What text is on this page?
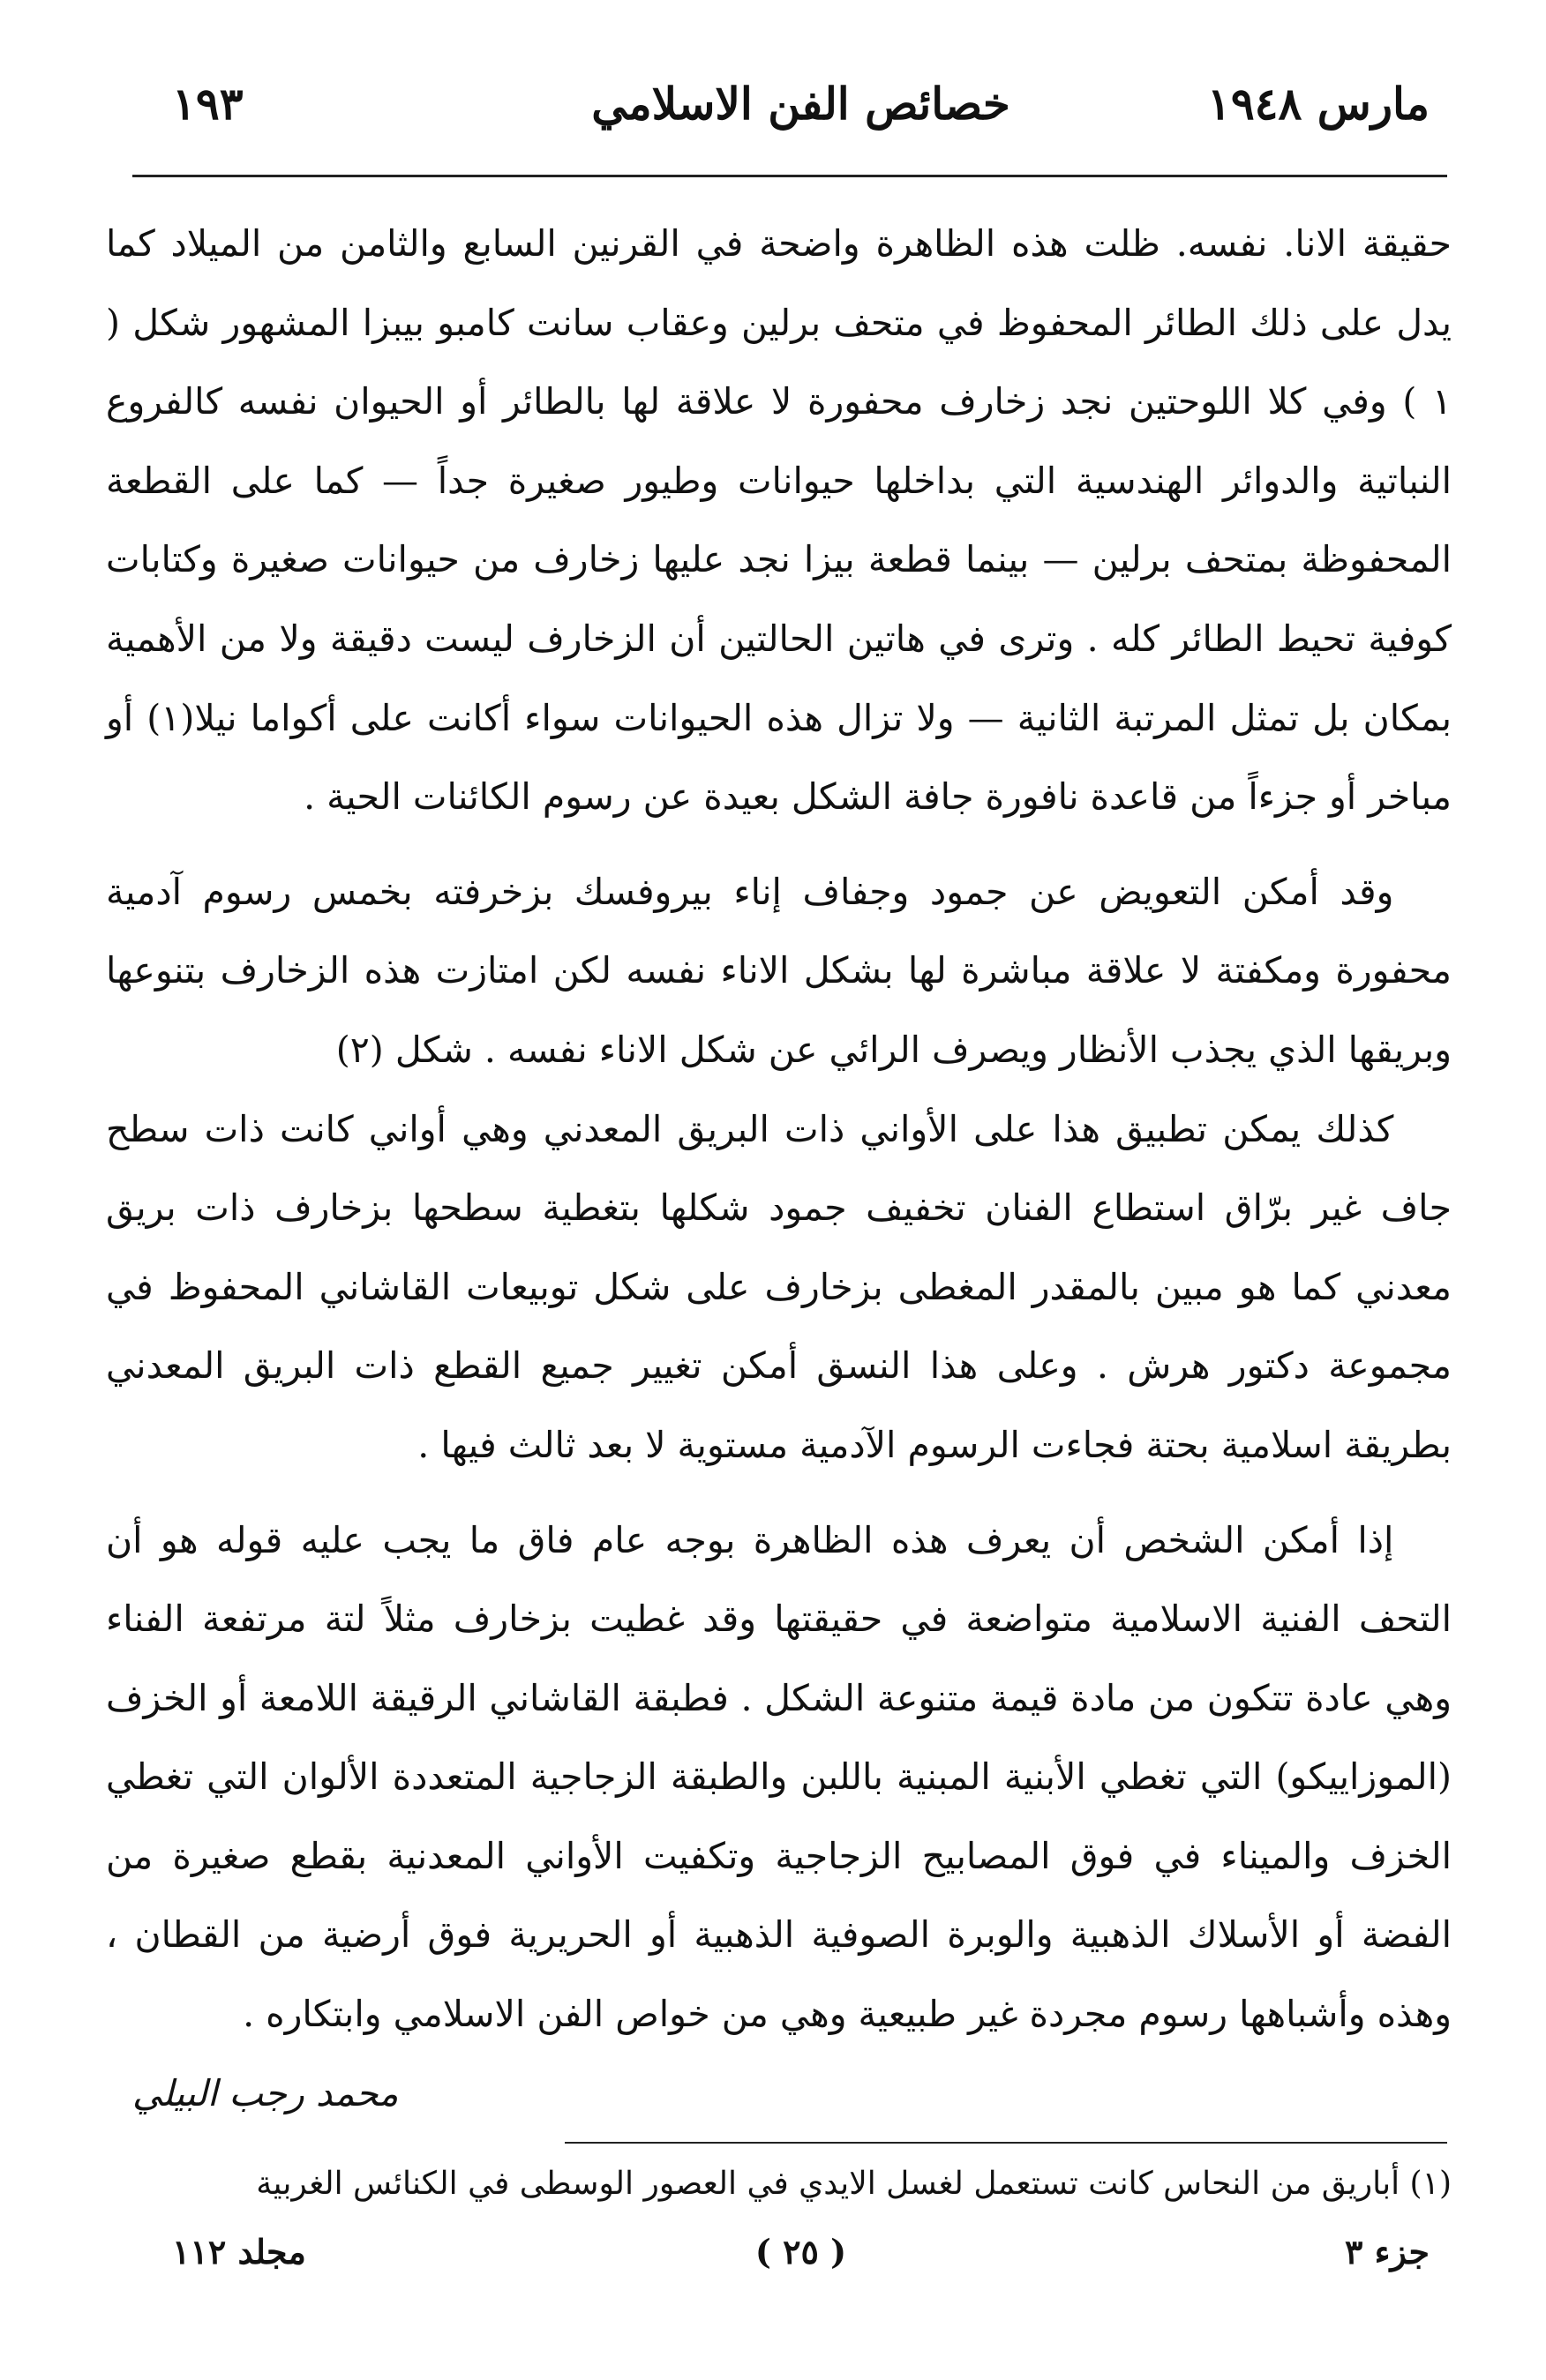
مارس ١٩٤٨
خصائص الفن الاسلامي
١٩٣

حقيقة الانا. نفسه. ظلت هذه الظاهرة واضحة في القرنين السابع والثامن من الميلاد كما يدل على ذلك الطائر المحفوظ في متحف برلين وعقاب سانت كامبو بيبزا المشهور شكل ( ١ ) وفي كلا اللوحتين نجد زخارف محفورة لا علاقة لها بالطائر أو الحيوان نفسه كالفروع النباتية والدوائر الهندسية التي بداخلها حيوانات وطيور صغيرة جداً — كما على القطعة المحفوظة بمتحف برلين — بينما قطعة بيزا نجد عليها زخارف من حيوانات صغيرة وكتابات كوفية تحيط الطائر كله . وترى في هاتين الحالتين أن الزخارف ليست دقيقة ولا من الأهمية بمكان بل تمثل المرتبة الثانية — ولا تزال هذه الحيوانات سواء أكانت على أكواما نيلا(١) أو مباخر أو جزءاً من قاعدة نافورة جافة الشكل بعيدة عن رسوم الكائنات الحية .

وقد أمكن التعويض عن جمود وجفاف إناء بيروفسك بزخرفته بخمس رسوم آدمية محفورة ومكفتة لا علاقة مباشرة لها بشكل الاناء نفسه لكن امتازت هذه الزخارف بتنوعها وبريقها الذي يجذب الأنظار ويصرف الرائي عن شكل الاناء نفسه . شكل (٢)

كذلك يمكن تطبيق هذا على الأواني ذات البريق المعدني وهي أواني كانت ذات سطح جاف غير برّاق استطاع الفنان تخفيف جمود شكلها بتغطية سطحها بزخارف ذات بريق معدني كما هو مبين بالمقدر المغطى بزخارف على شكل توبيعات القاشاني المحفوظ في مجموعة دكتور هرش . وعلى هذا النسق أمكن تغيير جميع القطع ذات البريق المعدني بطريقة اسلامية بحتة فجاءت الرسوم الآدمية مستوية لا بعد ثالث فيها .

إذا أمكن الشخص أن يعرف هذه الظاهرة بوجه عام فاق ما يجب عليه قوله هو أن التحف الفنية الاسلامية متواضعة في حقيقتها وقد غطيت بزخارف مثلاً لتة مرتفعة الفناء وهي عادة تتكون من مادة قيمة متنوعة الشكل . فطبقة القاشاني الرقيقة اللامعة أو الخزف (الموزاييكو) التي تغطي الأبنية المبنية باللبن والطبقة الزجاجية المتعددة الألوان التي تغطي الخزف والميناء في فوق المصابيح الزجاجية وتكفيت الأواني المعدنية بقطع صغيرة من الفضة أو الأسلاك الذهبية والوبرة الصوفية الذهبية أو الحريرية فوق أرضية من القطان ، وهذه وأشباهها رسوم مجردة غير طبيعية وهي من خواص الفن الاسلامي وابتكاره .
محمد رجب البيلي

(١) أباريق من النحاس كانت تستعمل لغسل الايدي في العصور الوسطى في الكنائس الغربية
جزء ٣
( ٢٥ )
مجلد ١١٢
